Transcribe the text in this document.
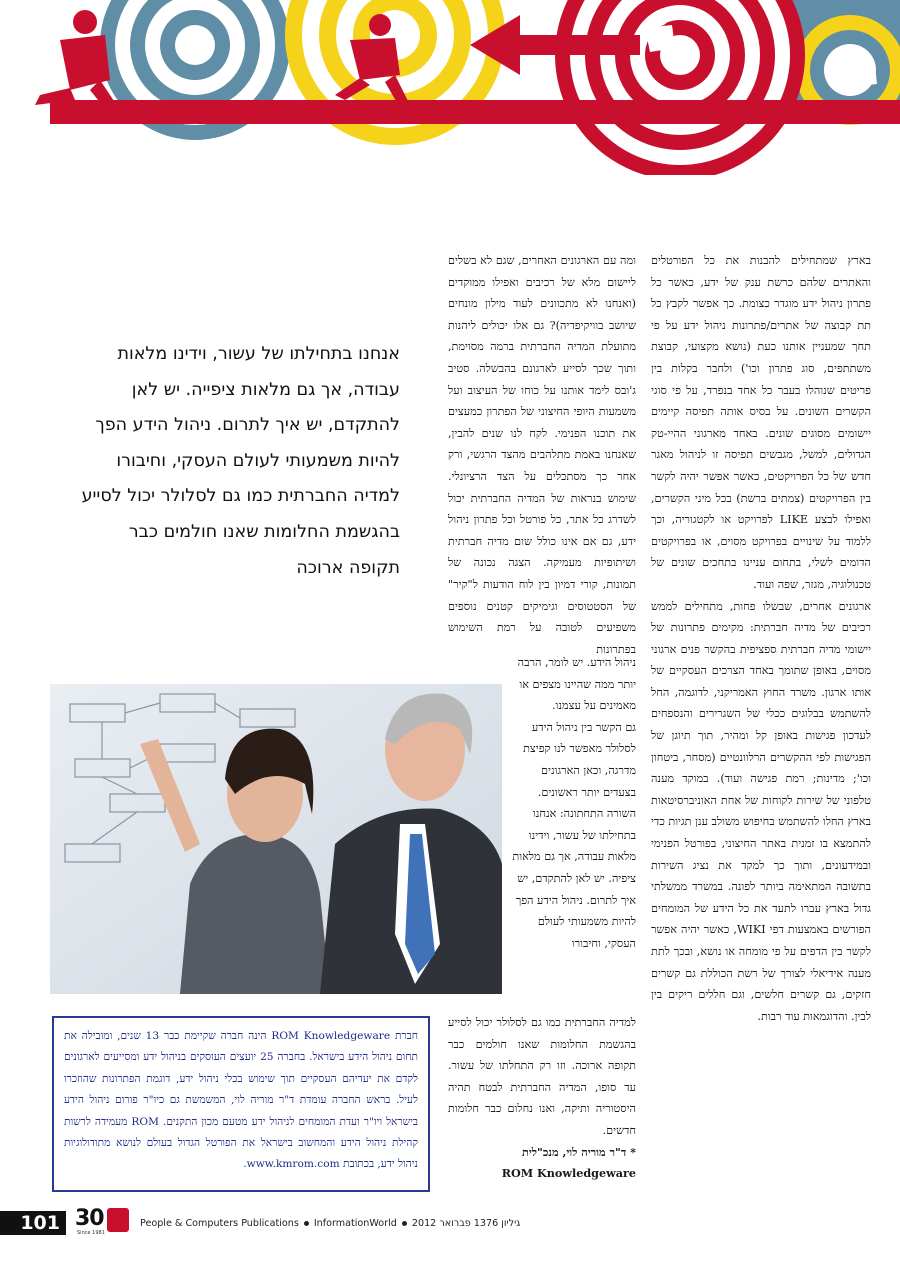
בארץ שמתחילים להבנות את כל הפורטלים והאתרים שלהם כרשת ענק של ידע, כאשר כל פתרון ניהול ידע מוגדר כצומת. כך אפשר לקבץ כל תת קבוצה של אתרים/פתרונות ניהול ידע על פי תחך שמעניין אותנו כעת (נושא מקצועי, קבוצת משתתפים, סוג פתרון וכו') ולחבר בקלות בין פריטים שנוהלו בעבר כל אחד בנפרד, על פי סוגי הקשרים השונים. על בסיס אותה תפיסה קיימים יישומים מסוגים שונים. באחד מארגוני ההיי-טק הגדולים, למשל, מגבשים תפיסה זו לניהול מאגר חדש של כל הפרויקטים, כאשר אפשר יהיה לקשר בין הפרויקטים (צמתים ברשת) בכל מיני הקשרים, ואפילו לבצע LIKE לפרויקט או לקטגוריה, וכך ללמוד על שינויים בפרויקט מסוים, או בפרויקטים הדומים לשלי, בתחום עניינו בתחכים שונים של טכנולוגיה, מגזר, שפה ועוד.

ארגונים אחרים, שבשלו פחות, מתחילים לממש רכיבים של מדיה חברתית: מקימים פתרונות של יישומי מדיה חברתית ספציפית בהקשר פנים ארגוני מסוים, באופן שתומך באחד הצרכים העסקיים של אותו ארגון. משרד החוץ האמריקני, לדוגמה, החל להשתמש בבלוגים ככלי של השגרירים והנספחים לעדכון פגישות באופן קל ומהיר, תוך תיוגן של הפגישות לפי ההקשרים הרלוונטיים (מסחר, ביטחון וכו'; מדינות; רמת פגישה ועוד). במוקד מענה טלפוני של שירות לקוחות של אחת האוניברסיטאות בארץ החלו להשתמש בחיפוש משולב ענן תגיות כדי להתמצא בו זמנית באתר החיצוני, בפורטל הפנימי ובמידעונים, ותוך כך למקד את נציג השירות בתשובה המתאימה ביותר לפונה. במשרד ממשלתי גדול בארץ עברו לתעד את כל הידע של המומחים הפורשים באמצעות דפי WIKI, כאשר יהיה אפשר לקשר בין הדפים על פי מומחה או נושא, ובכך לתת מענה אידיאלי לצורך של רשת הכוללת גם קשרים חזקים, גם קשרים חלשים, וגם חללים ריקים בין לבין. והדוגמאות עוד רבות.

ומה עם הארגונים האחרים, שגם לא בשלים ליישום מלא של רכיבים ואפילו ממוקדים (ואנחנו לא מתכוונים לעוד מילון מונחים שיושב בוויקיפדיה)? גם אלו יכולים ליהנות מתועלת המדיה החברתית ברמה מסוימת, ותוך שכך לסייע לארגונם בהבשלה. סטיב ג'ובס לימד אותנו על כוחו של העיצוב ועל משמעות היופי החיצוני של הפתרון כמעצים את תוכנו הפנימי. לקח לנו שנים להבין, שאנחנו באמת מתלהבים מהצד הרגשי, ורק אחר כך מסתכלים על הצד הרציונלי. שימוש בנראות של המדיה החברתית יכול לשדרג כל אתר, כל פורטל וכל פתרון ניהול ידע, גם אם אינו כולל שום מדיה חברתית ושיתופיות מעמיקה. הצגה נכונה של תמונות, קורי דמיון בין לוח הודעות ל"קיר" של הסטטוסים וגימיקים קטנים נוספים משפיעים לטובה על רמת השימוש בפתרונות

ניהול הידע. יש לומר, הרבה יותר ממה שהיינו מצפים או מאמינים על עצמנו.

גם הקשר בין ניהול הידע לסלולר מאפשר לנו קפיצת מדרגה, וכאן הארגונים בצעדים יותר ראשונים.

השורה התחתונה: אנחנו בתחילתו של עשור, וידינו מלאות עבודה, אך גם מלאות ציפיה. יש לאן להתקדם, יש איך לתרום. ניהול הידע הפך להיות משמעותי לעולם העסקי, וחיבורו

למדיה החברתית כמו גם לסלולר יכול לסייע בהגשמת החלומות שאנו חולמים כבר תקופה ארוכה. וזו רק התחלתו של עשור. עד סופו, המדיה החברתית לבטח תהיה היסטוריה ותיקה, ואנו נחלום כבר חלומות חדשים.

* ד"ר מוריה לוי, מנכ"לית

ROM Knowledgeware

אנחנו בתחילתו של עשור, וידינו מלאות עבודה, אך גם מלאות ציפייה. יש לאן להתקדם, יש איך לתרום. ניהול הידע הפך להיות משמעותי לעולם העסקי, וחיבורו למדיה החברתית כמו גם לסלולר יכול לסייע בהגשמת החלומות שאנו חולמים כבר תקופה ארוכה
חברת ROM Knowledgeware הינה חברה שקיימת כבר 13 שנים, ומובילה את תחום ניהול הידע בישראל. בחברה 25 יועצים העוסקים בניהול ידע ומסייעים לארגונים לקדם את יעדיהם העסקיים תוך שימוש בכלי ניהול ידע, דוגמת הפתרונות שהוזכרו לעיל. בראש החברה עומדת ד"ר מוריה לוי, המשמשת גם כיו"ר פורום ניהול הידע בישראל ויו"ר ועדת המומחים לניהול ידע מטעם מכון התקנים. ROM מעמידה לרשות קהילת ניהול הידע והמחשוב בישראל את הפורטל הגדול בעולם לנושא מתודולוגיות ניהול ידע, בכתובת www.kmrom.com.
101 30
Since 1981
People & Computers Publications InformationWorld גיליון 1376 פברואר 2012
